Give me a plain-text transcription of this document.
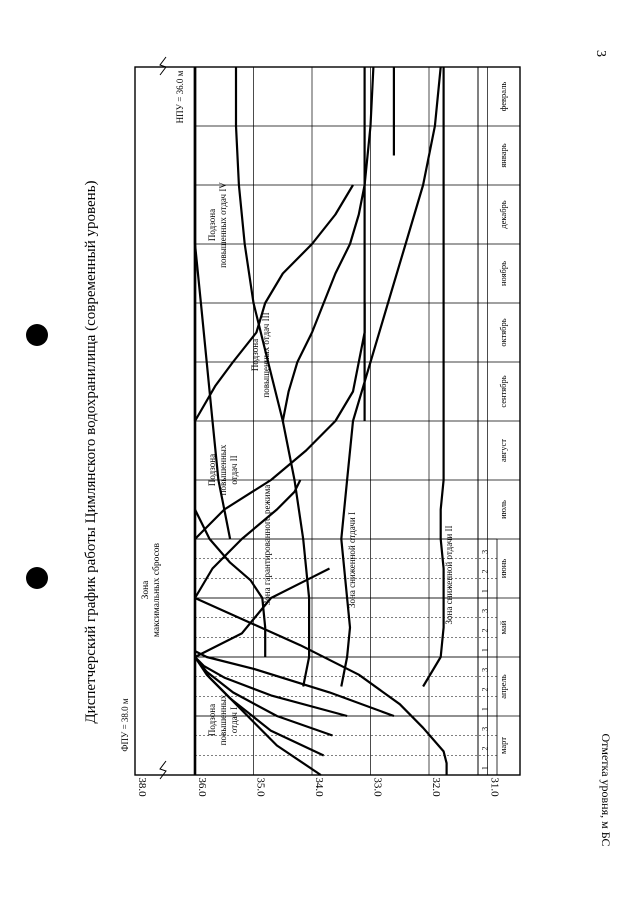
3
Диспетчерский график работы Цимлянского водохранилища (современный уровень)
Отметка уровня, м БС
38.0	36.0	35.0	34.0	33.0	32.0	31.0
март
апрель
май
июнь
июль
август
сентябрь
октябрь
ноябрь
декабрь
январь
февраль
1
2
3
1
2
3
1
2
3
1
2
3
ФПУ = 38.0 м
НПУ = 36.0 м
Зона максимальных сбросов
Подзона повышенных отдач I
Подзона повышенных отдач II
Подзона повышенных отдач III
Подзона повышенных отдач IV
Зона гарантированного режима	Зона сниженной отдачи I	Зона сниженной отдачи II
